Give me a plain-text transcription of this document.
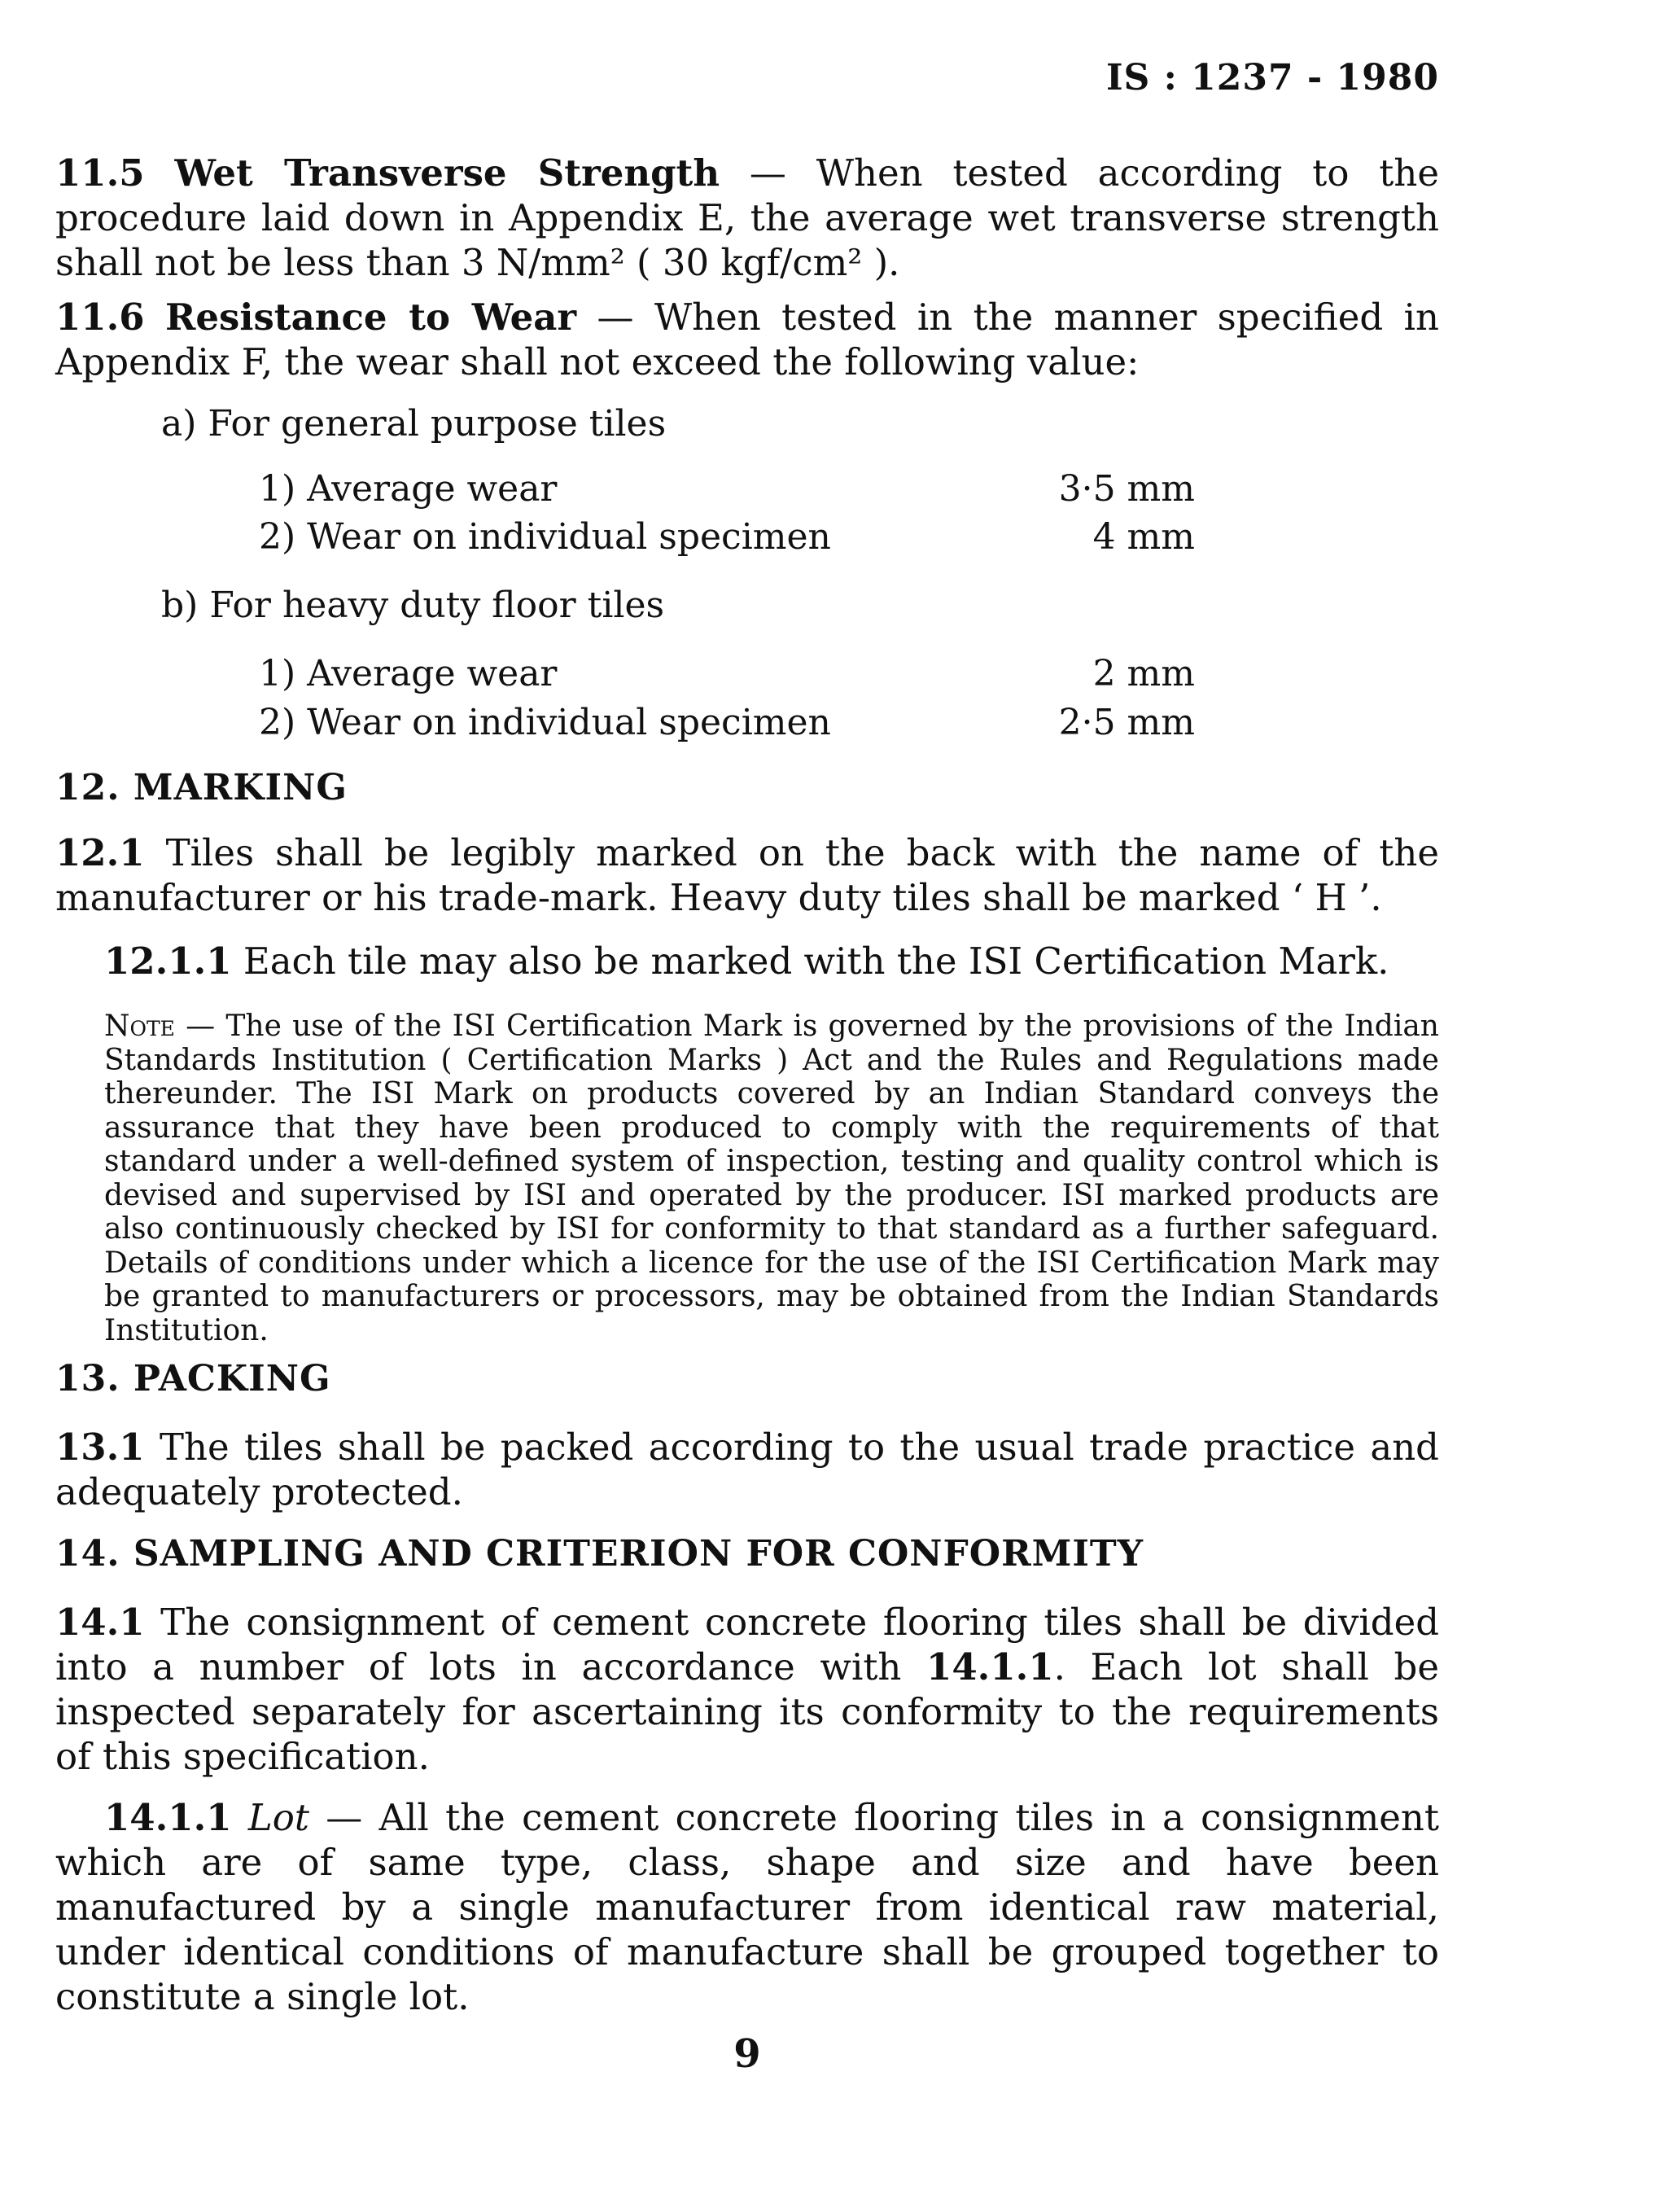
IS : 1237 - 1980
11.5 Wet Transverse Strength — When tested according to the procedure laid down in Appendix E, the average wet transverse strength shall not be less than 3 N/mm² ( 30 kgf/cm² ).
11.6 Resistance to Wear — When tested in the manner specified in Appendix F, the wear shall not exceed the following value:
a) For general purpose tiles
1) Average wear	3·5 mm
2) Wear on individual specimen	4 mm
b) For heavy duty floor tiles
1) Average wear	2 mm
2) Wear on individual specimen	2·5 mm
12. MARKING
12.1 Tiles shall be legibly marked on the back with the name of the manufacturer or his trade-mark. Heavy duty tiles shall be marked ‘ H ’.
12.1.1 Each tile may also be marked with the ISI Certification Mark.
Note — The use of the ISI Certification Mark is governed by the provisions of the Indian Standards Institution ( Certification Marks ) Act and the Rules and Regulations made thereunder. The ISI Mark on products covered by an Indian Standard conveys the assurance that they have been produced to comply with the requirements of that standard under a well-defined system of inspection, testing and quality control which is devised and supervised by ISI and operated by the producer. ISI marked products are also continuously checked by ISI for conformity to that standard as a further safeguard. Details of conditions under which a licence for the use of the ISI Certification Mark may be granted to manufacturers or processors, may be obtained from the Indian Standards Institution.
13. PACKING
13.1 The tiles shall be packed according to the usual trade practice and adequately protected.
14. SAMPLING AND CRITERION FOR CONFORMITY
14.1 The consignment of cement concrete flooring tiles shall be divided into a number of lots in accordance with 14.1.1. Each lot shall be inspected separately for ascertaining its conformity to the requirements of this specification.
14.1.1 Lot — All the cement concrete flooring tiles in a consignment which are of same type, class, shape and size and have been manufactured by a single manufacturer from identical raw material, under identical conditions of manufacture shall be grouped together to constitute a single lot.
9
